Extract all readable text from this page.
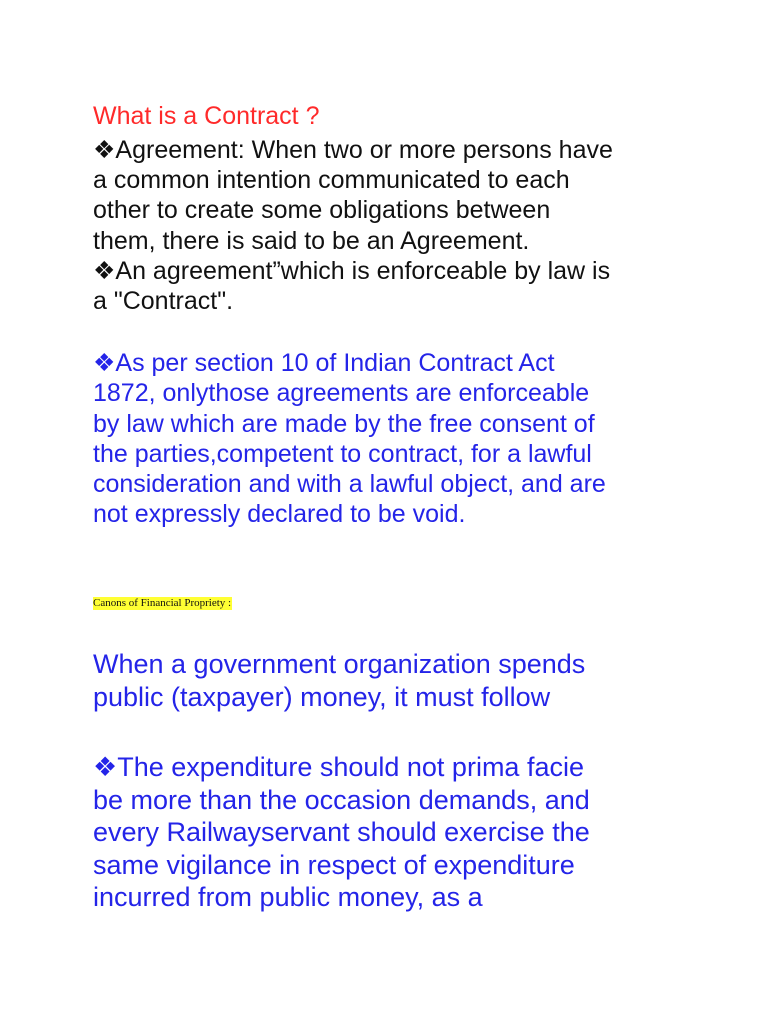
What is a Contract ?
❖Agreement: When two or more persons have
a common intention communicated to each
other to create some obligations between
them, there is said to be an Agreement.
❖An agreement”which is enforceable by law is
a "Contract".
❖As per section 10 of Indian Contract Act
1872, onlythose agreements are enforceable
by law which are made by the free consent of
the parties,competent to contract, for a lawful
consideration and with a lawful object, and are
not expressly declared to be void.
Canons of Financial Propriety :
When a government organization spends
public (taxpayer) money, it must follow
❖The expenditure should not prima facie
be more than the occasion demands, and
every Railwayservant should exercise the
same vigilance in respect of expenditure
incurred from public money, as a
